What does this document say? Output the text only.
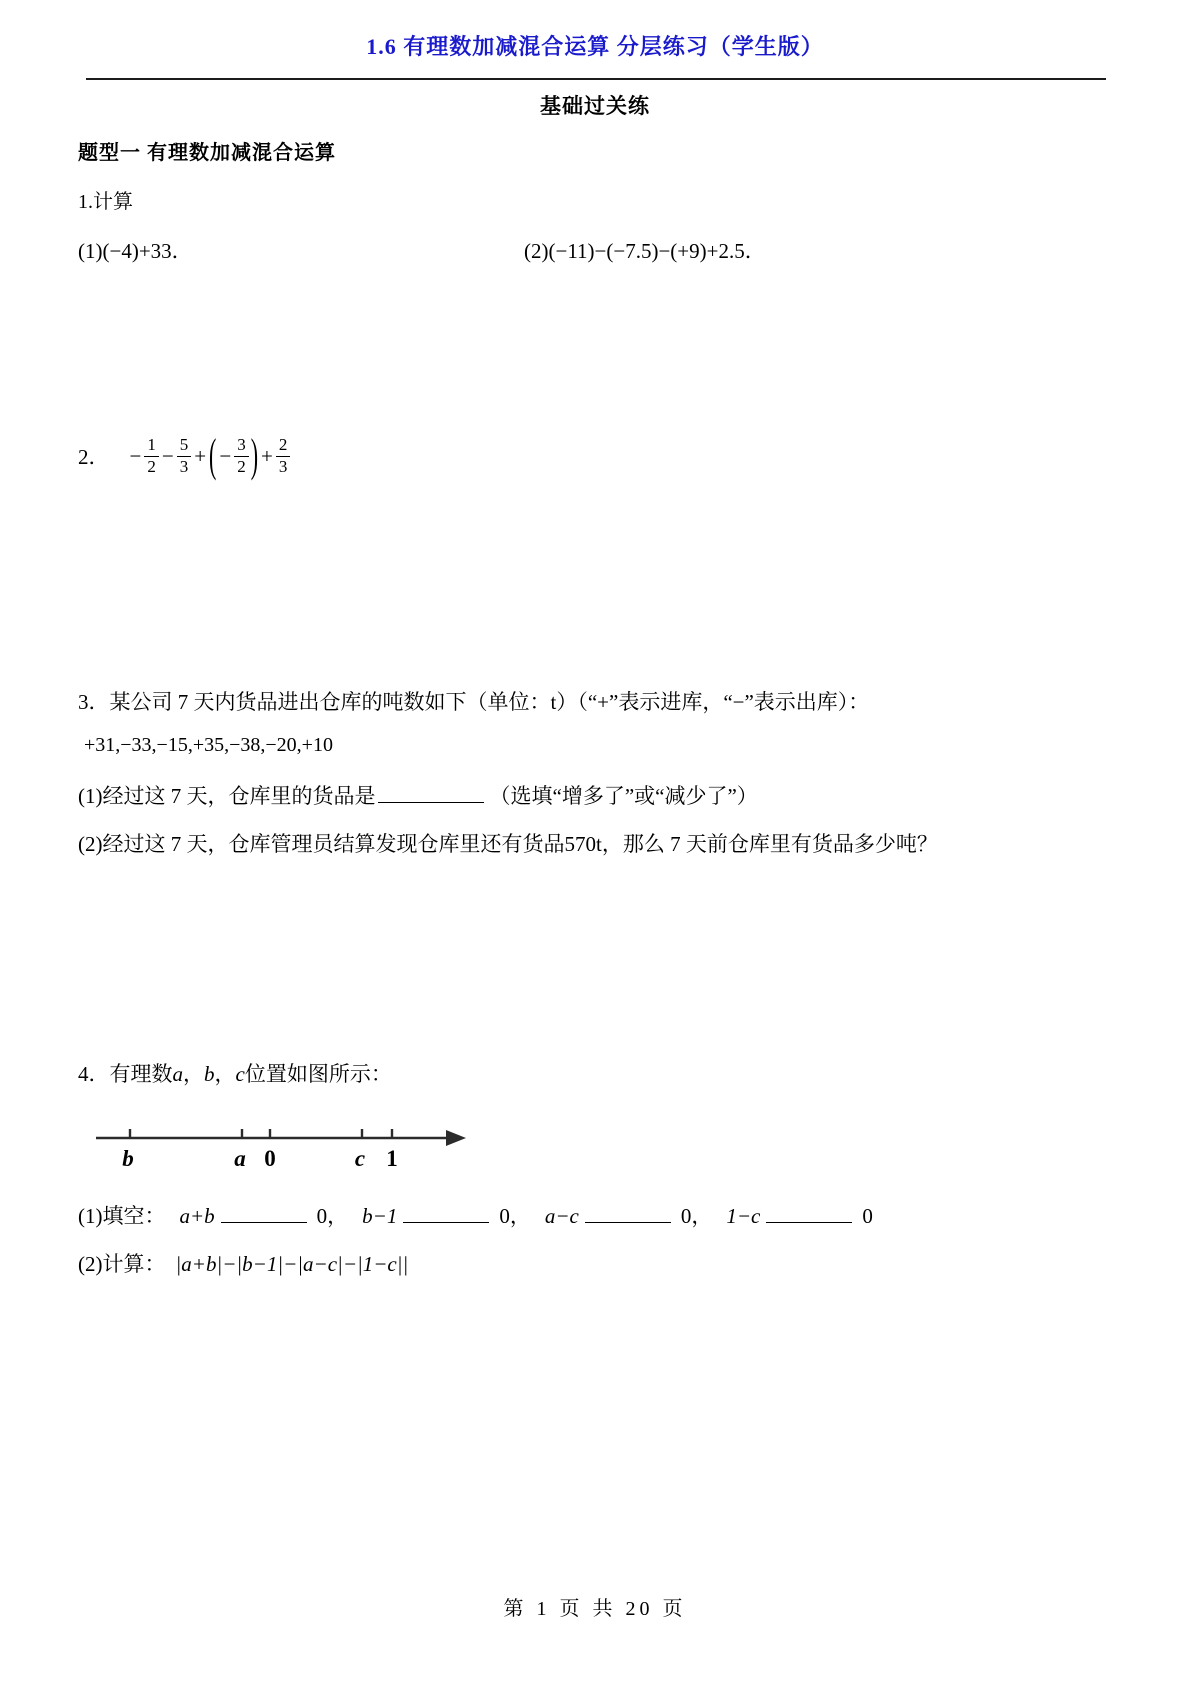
1.6 有理数加减混合运算 分层练习（学生版）
基础过关练
题型一 有理数加减混合运算
1.计算
(1)(−4)+33．	(2)(−11)−(−7.5)−(+9)+2.5．
2． − $\frac{1}{2} - \frac{5}{3}$ + ( − $\frac{3}{2}$ ) + $\frac{2}{3}$
3．某公司 7 天内货品进出仓库的吨数如下（单位：t）（“+”表示进库，“−”表示出库）：
+31,−33,−15,+35,−38,−20,+10
(1)经过这 7 天，仓库里的货品是	（选填“增多了”或“减少了”）
(2)经过这 7 天，仓库管理员结算发现仓库里还有货品570t，那么 7 天前仓库里有货品多少吨？
4．有理数a，b，c位置如图所示：
b	a 0	c 1
(1)填空： a+b	0， b−1	0， a−c	0， 1−c	0
(2)计算： |a+b|−|b−1|−|a−c|−|1−c||
第 1 页 共 20 页
